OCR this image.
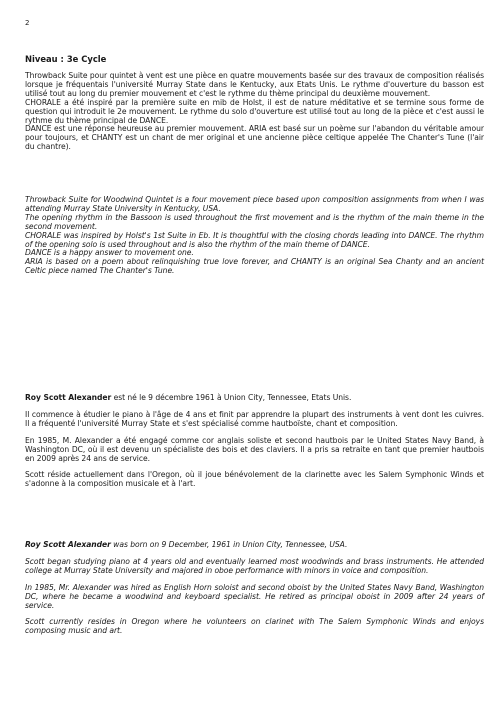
2
Niveau : 3e Cycle

Throwback Suite pour quintet à vent est une pièce en quatre mouvements basée sur des travaux de composition réalisés lorsque je fréquentais l'université Murray State dans le Kentucky, aux Etats Unis. Le rythme d'ouverture du basson est utilisé tout au long du premier mouvement et c'est le rythme du thème principal du deuxième mouvement.

CHORALE a été inspiré par la première suite en mib de Holst, il est de nature méditative et se termine sous forme de question qui introduit le 2e mouvement. Le rythme du solo d'ouverture est utilisé tout au long de la pièce et c'est aussi le rythme du thème principal de DANCE.

DANCE est une réponse heureuse au premier mouvement. ARIA est basé sur un poème sur l'abandon du véritable amour pour toujours, et CHANTY est un chant de mer original et une ancienne pièce celtique appelée The Chanter's Tune (l'air du chantre).

Throwback Suite for Woodwind Quintet is a four movement piece based upon composition assignments from when I was attending Murray State University in Kentucky, USA.

The opening rhythm in the Bassoon is used throughout the first movement and is the rhythm of the main theme in the second movement.

CHORALE was inspired by Holst's 1st Suite in Eb. It is thoughtful with the closing chords leading into DANCE. The rhythm of the opening solo is used throughout and is also the rhythm of the main theme of DANCE.

DANCE is a happy answer to movement one.

ARIA is based on a poem about relinquishing true love forever, and CHANTY is an original Sea Chanty and an ancient Celtic piece named The Chanter's Tune.

Roy Scott Alexander est né le 9 décembre 1961 à Union City, Tennessee, Etats Unis.

Il commence à étudier le piano à l'âge de 4 ans et finit par apprendre la plupart des instruments à vent dont les cuivres. Il a fréquenté l'université Murray State et s'est spécialisé comme hautboïste, chant et composition.

En 1985, M. Alexander a été engagé comme cor anglais soliste et second hautbois par le United States Navy Band, à Washington DC, où il est devenu un spécialiste des bois et des claviers. Il a pris sa retraite en tant que premier hautbois en 2009 après 24 ans de service.

Scott réside actuellement dans l'Oregon, où il joue bénévolement de la clarinette avec les Salem Symphonic Winds et s'adonne à la composition musicale et à l'art.

Roy Scott Alexander was born on 9 December, 1961 in Union City, Tennessee, USA.

Scott began studying piano at 4 years old and eventually learned most woodwinds and brass instruments. He attended college at Murray State University and majored in oboe performance with minors in voice and composition.

In 1985, Mr. Alexander was hired as English Horn soloist and second oboist by the United States Navy Band, Washington DC, where he became a woodwind and keyboard specialist. He retired as principal oboist in 2009 after 24 years of service.

Scott currently resides in Oregon where he volunteers on clarinet with The Salem Symphonic Winds and enjoys composing music and art.
